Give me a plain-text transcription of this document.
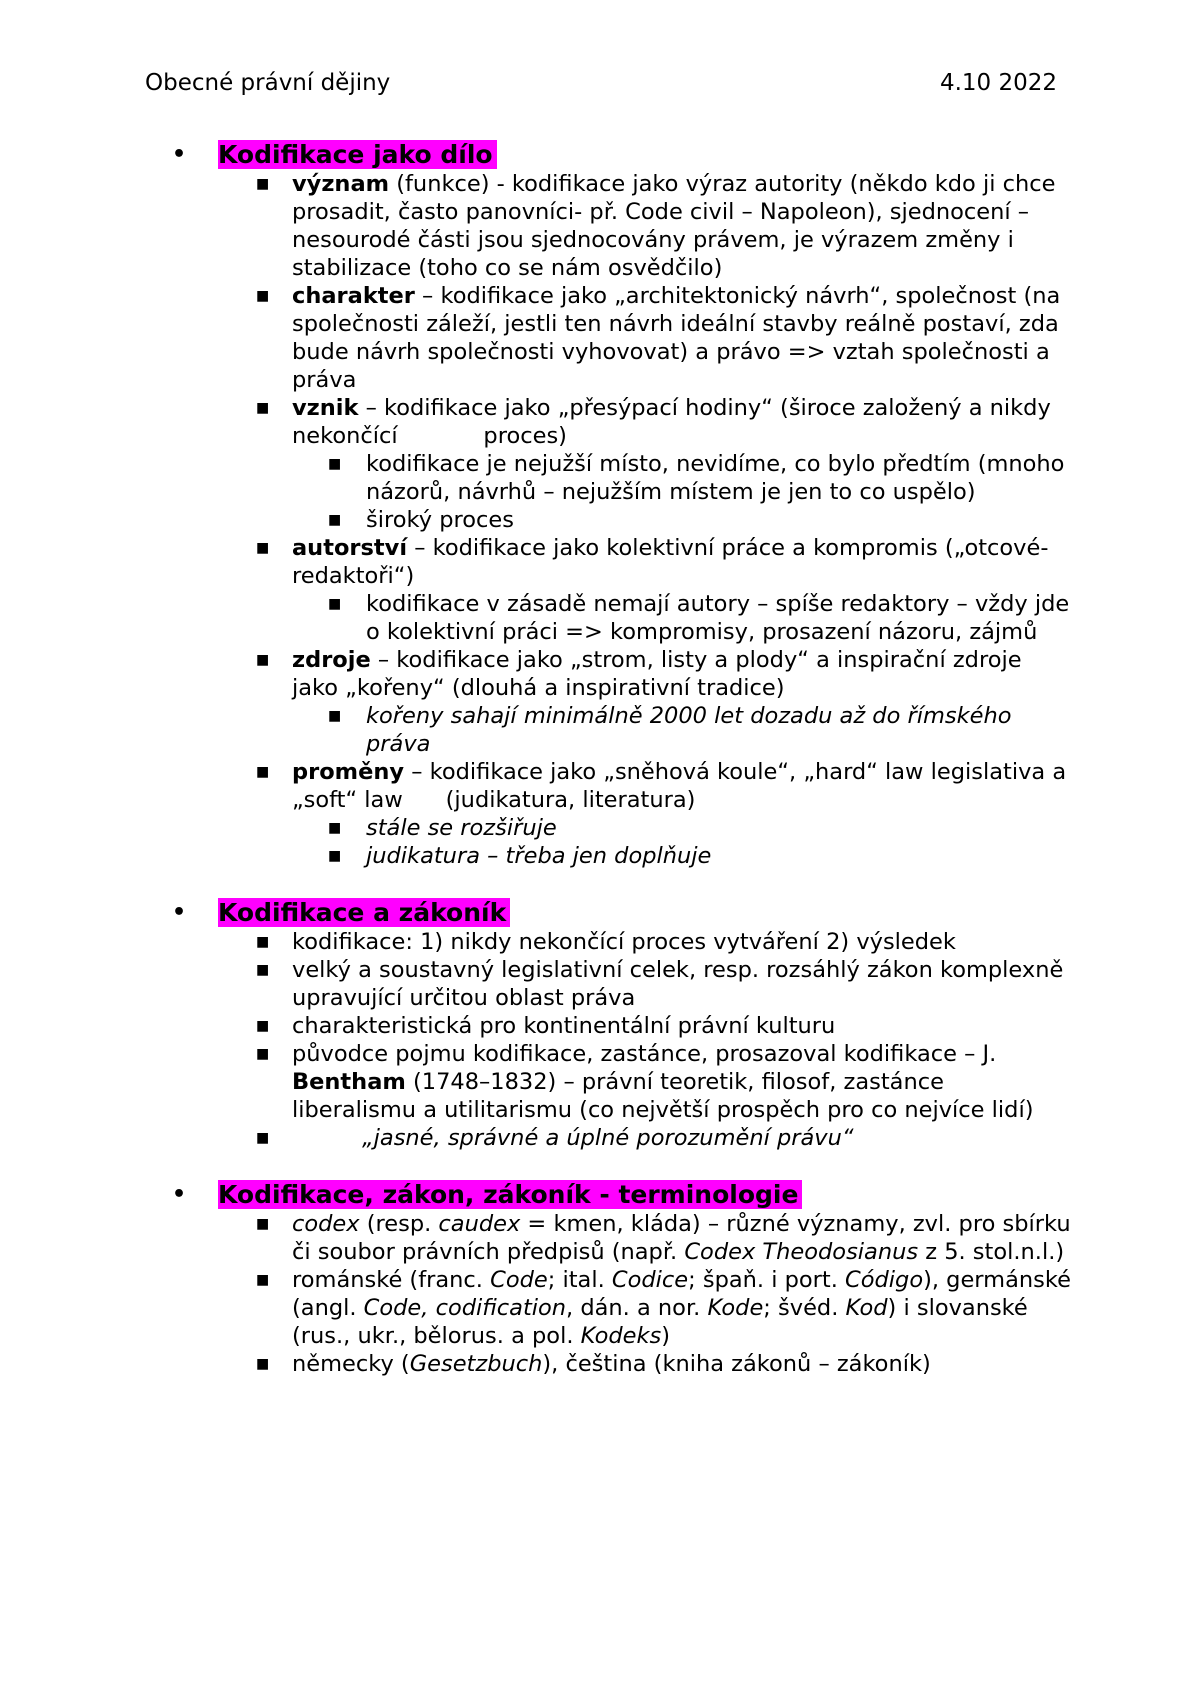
Obecné právní dějiny	4.10 2022
• Kodifikace jako dílo
■ význam (funkce) - kodifikace jako výraz autority (někdo kdo ji chce prosadit, často panovníci- př. Code civil – Napoleon), sjednocení – nesourodé části jsou sjednocovány právem, je výrazem změny i stabilizace (toho co se nám osvědčilo)
■ charakter – kodifikace jako „architektonický návrh“, společnost (na společnosti záleží, jestli ten návrh ideální stavby reálně postaví, zda bude návrh společnosti vyhovovat) a právo => vztah společnosti a práva
■ vznik – kodifikace jako „přesýpací hodiny“ (široce založený a nikdy nekončící            proces)
■ kodifikace je nejužší místo, nevidíme, co bylo předtím (mnoho názorů, návrhů – nejužším místem je jen to co uspělo)
■ široký proces
■ autorství – kodifikace jako kolektivní práce a kompromis („otcové-redaktoři“)
■ kodifikace v zásadě nemají autory – spíše redaktory – vždy jde o kolektivní práci => kompromisy, prosazení názoru, zájmů
■ zdroje – kodifikace jako „strom, listy a plody“ a inspirační zdroje jako „kořeny“ (dlouhá a inspirativní tradice)
■ kořeny sahají minimálně 2000 let dozadu až do římského práva
■ proměny – kodifikace jako „sněhová koule“, „hard“ law legislativa a „soft“ law      (judikatura, literatura)
■ stále se rozšiřuje
■ judikatura – třeba jen doplňuje
• Kodifikace a zákoník
■ kodifikace: 1) nikdy nekončící proces vytváření 2) výsledek
■ velký a soustavný legislativní celek, resp. rozsáhlý zákon komplexně upravující určitou oblast práva
■ charakteristická pro kontinentální právní kulturu
■ původce pojmu kodifikace, zastánce, prosazoval kodifikace – J. Bentham (1748–1832) – právní teoretik, filosof, zastánce liberalismu a utilitarismu (co největší prospěch pro co nejvíce lidí)
■	„jasné, správné a úplné porozumění právu“
• Kodifikace, zákon, zákoník - terminologie
■ codex (resp. caudex = kmen, kláda) – různé významy, zvl. pro sbírku či soubor právních předpisů (např. Codex Theodosianus z 5. stol.n.l.)
■ románské (franc. Code; ital. Codice; špaň. i port. Código), germánské (angl. Code, codification, dán. a nor. Kode; švéd. Kod) i slovanské (rus., ukr., bělorus. a pol. Kodeks)
■ německy (Gesetzbuch), čeština (kniha zákonů – zákoník)
